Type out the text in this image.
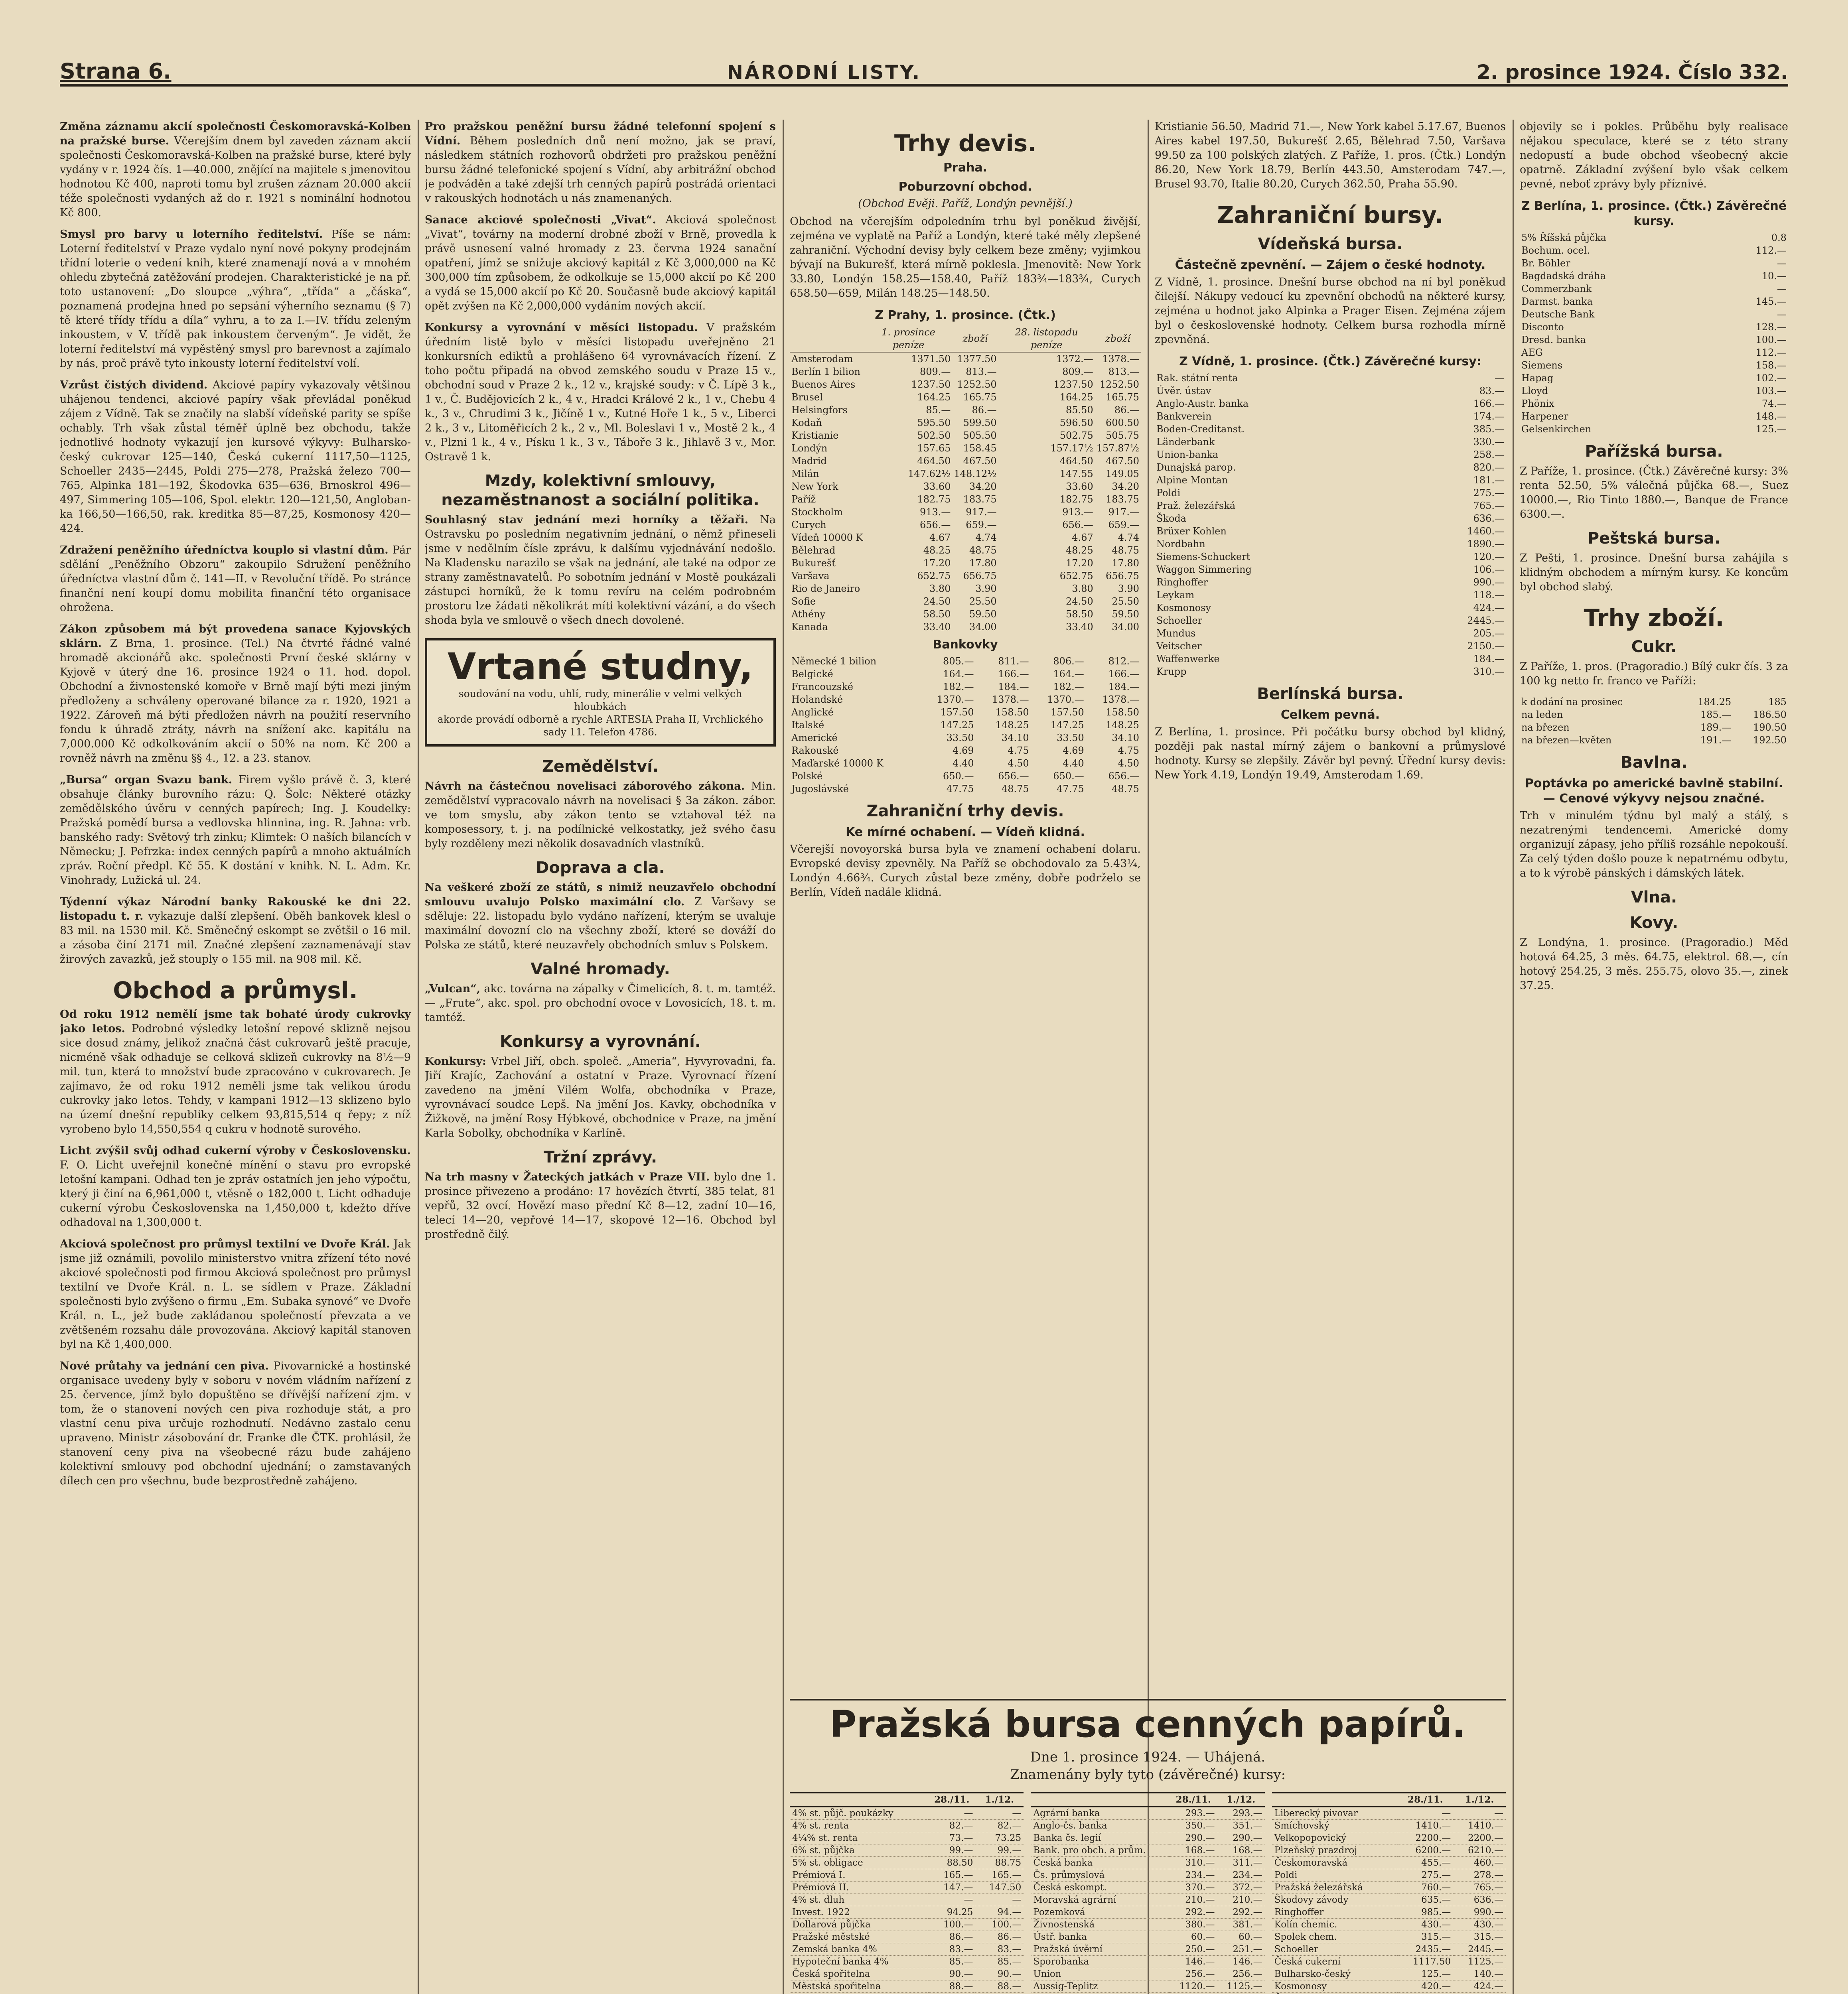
Strana 6.	NÁRODNÍ LISTY.	2. prosince 1924. Číslo 332.

Změna záznamu akcií společnosti Českomoravská-Kolben na pražské burse. Včerejším dnem byl zaveden záznam akcií společnosti Českomoravská-Kolben na pražské burse, které byly vydány v r. 1924 čís. 1—40.000, znějící na majitele s jmenovitou hodnotou Kč 400, naproti tomu byl zrušen záznam 20.000 akcií téže společnosti vydaných až do r. 1921 s nominální hodnotou Kč 800.

Smysl pro barvy u loterního ředitelství. Píše se nám: Loterní ředitelství v Praze vydalo nyní nové pokyny prodejnám třídní loterie o vedení knih, které znamenají nová a v mnohém ohledu zbytečná zatěžování prodejen. Charakteristické je na př. toto ustanovení: „Do sloupce „výhra“, „třída“ a „čáska“, poznamená prodejna hned po sepsání výherního seznamu (§ 7) tě které třídy třídu a díla“ vyhru, a to za I.—IV. třídu zeleným inkoustem, v V. třídě pak inkoustem červeným“. Je vidět, že loterní ředitelství má vypěstěný smysl pro barevnost a zajímalo by nás, proč právě tyto inkousty loterní ředitelství volí.

Vzrůst čistých dividend. Akciové papíry vykazovaly většinou uhájenou tendenci, akciové papíry však převládal poněkud zájem z Vídně. Tak se značily na slabší vídeňské parity se spíše ochably. Trh však zůstal téměř úplně bez obchodu, takže jednotlivé hodnoty vykazují jen kursové výkyvy: Bulharsko-český cukrovar 125—140, Česká cukerní 1117,50—1125, Schoeller 2435—2445, Poldi 275—278, Pražská železo 700—765, Alpinka 181—192, Škodovka 635—636, Brnoskrol 496—497, Simmering 105—106, Spol. elektr. 120—121,50, Anglobanka 166,50—166,50, rak. kreditka 85—87,25, Kosmonosy 420—424.

Zdražení peněžního úředníctva kouplo si vlastní dům. Pár sdělání „Peněžního Obzoru“ zakoupilo Sdružení peněžního úředníctva vlastní dům č. 141—II. v Revoluční třídě. Po stránce finanční není koupí domu mobilita finanční této organisace ohrožena.

Zákon způsobem má být provedena sanace Kyjovských sklárn. Z Brna, 1. prosince. (Tel.) Na čtvrté řádné valné hromadě akcionářů akc. společnosti První české sklárny v Kyjově v úterý dne 16. prosince 1924 o 11. hod. dopol. Obchodní a živnostenské komoře v Brně mají býti mezi jiným předloženy a schváleny operované bilance za r. 1920, 1921 a 1922. Zároveň má býti předložen návrh na použití reservního fondu k úhradě ztráty, návrh na snížení akc. kapitálu na 7,000.000 Kč odkolkováním akcií o 50% na nom. Kč 200 a rovněž návrh na změnu §§ 4., 12. a 23. stanov.

„Bursa“ organ Svazu bank. Firem vyšlo právě č. 3, které obsahuje články burovního rázu: Q. Šolc: Některé otázky zemědělského úvěru v cenných papírech; Ing. J. Koudelky: Pražská pomědí bursa a vedlovska hlinnina, ing. R. Jahna: vrb. banského rady: Světový trh zinku; Klimtek: O naších bilancích v Německu; J. Pefrzka: index cenných papírů a mnoho aktuálních zpráv. Roční předpl. Kč 55. K dostání v knihk. N. L. Adm. Kr. Vinohrady, Lužická ul. 24.

Týdenní výkaz Národní banky Rakouské ke dni 22. listopadu t. r. vykazuje další zlepšení. Oběh bankovek klesl o 83 mil. na 1530 mil. Kč. Směnečný eskompt se zvětšil o 16 mil. a zásoba činí 2171 mil. Značné zlepšení zaznamenávají stav žirových zavazků, jež stouply o 155 mil. na 908 mil. Kč.

Obchod a průmysl.

Od roku 1912 nemělí jsme tak bohaté úrody cukrovky jako letos. Podrobné výsledky letošní repové sklizně nejsou sice dosud známy, jelikož značná část cukrovarů ještě pracuje, nicméně však odhaduje se celková sklizeň cukrovky na 8½—9 mil. tun, která to množství bude zpracováno v cukrovarech. Je zajímavo, že od roku 1912 neměli jsme tak velikou úrodu cukrovky jako letos. Tehdy, v kampani 1912—13 sklizeno bylo na území dnešní republiky celkem 93,815,514 q řepy; z níž vyrobeno bylo 14,550,554 q cukru v hodnotě surového.

Licht zvýšil svůj odhad cukerní výroby v Československu. F. O. Licht uveřejnil konečné mínění o stavu pro evropské letošní kampani. Odhad ten je zpráv ostatních jen jeho výpočtu, který ji činí na 6,961,000 t, vtěsně o 182,000 t. Licht odhaduje cukerní výrobu Československa na 1,450,000 t, kdežto dříve odhadoval na 1,300,000 t.

Akciová společnost pro průmysl textilní ve Dvoře Král. Jak jsme již oznámili, povolilo ministerstvo vnitra zřízení této nové akciové společnosti pod firmou Akciová společnost pro průmysl textilní ve Dvoře Král. n. L. se sídlem v Praze. Základní společnosti bylo zvýšeno o firmu „Em. Subaka synové“ ve Dvoře Král. n. L., jež bude zakládanou společností převzata a ve zvětšeném rozsahu dále provozována. Akciový kapitál stanoven byl na Kč 1,400,000.

Nové průtahy va jednání cen piva. Pivovarnické a hostinské organisace uvedeny byly v soboru v novém vládním nařízení z 25. července, jímž bylo dopuštěno se dřívější nařízení zjm. v tom, že o stanovení nových cen piva rozhoduje stát, a pro vlastní cenu piva určuje rozhodnutí. Nedávno zastalo cenu upraveno. Ministr zásobování dr. Franke dle ČTK. prohlásil, že stanovení ceny piva na všeobecné rázu bude zahájeno kolektivní smlouvy pod obchodní ujednání; o zamstavaných dílech cen pro všechnu, bude bezprostředně zahájeno.

Pro pražskou peněžní bursu žádné telefonní spojení s Vídní. Během posledních dnů není možno, jak se praví, následkem státních rozhovorů obdržeti pro pražskou peněžní bursu žádné telefonické spojení s Vídní, aby arbitrážní obchod je podváděn a také zdejší trh cenných papírů postrádá orientaci v rakouských hodnotách u nás znamenaných.

Sanace akciové společnosti „Vivat“. Akciová společnost „Vivat“, továrny na moderní drobné zboží v Brně, provedla k právě usnesení valné hromady z 23. června 1924 sanační opatření, jímž se snižuje akciový kapitál z Kč 3,000,000 na Kč 300,000 tím způsobem, že odkolkuje se 15,000 akcií po Kč 200 a vydá se 15,000 akcií po Kč 20. Současně bude akciový kapitál opět zvýšen na Kč 2,000,000 vydáním nových akcií.

Konkursy a vyrovnání v měsíci listopadu. V pražském úředním listě bylo v měsíci listopadu uveřejněno 21 konkursních ediktů a prohlášeno 64 vyrovnávacích řízení. Z toho počtu připadá na obvod zemského soudu v Praze 15 v., obchodní soud v Praze 2 k., 12 v., krajské soudy: v Č. Lípě 3 k., 1 v., Č. Budějovicích 2 k., 4 v., Hradci Králové 2 k., 1 v., Chebu 4 k., 3 v., Chrudimi 3 k., Jičíně 1 v., Kutné Hoře 1 k., 5 v., Liberci 2 k., 3 v., Litoměřicích 2 k., 2 v., Ml. Boleslavi 1 v., Mostě 2 k., 4 v., Plzni 1 k., 4 v., Písku 1 k., 3 v., Táboře 3 k., Jihlavě 3 v., Mor. Ostravě 1 k.

Mzdy, kolektivní smlouvy, nezaměstnanost a sociální politika.

Souhlasný stav jednání mezi horníky a těžaři. Na Ostravsku po posledním negativním jednání, o němž přineseli jsme v nedělním čísle zprávu, k dalšímu vyjednávání nedošlo. Na Kladensku narazilo se však na jednání, ale také na odpor ze strany zaměstnavatelů. Po sobotním jednání v Mostě poukázali zástupci horníků, že k tomu revíru na celém podrobném prostoru lze žádati několikrát míti kolektivní vázání, a do všech shoda byla ve smlouvě o všech dnech dovolené.

Vrtané studny,
soudování na vodu, uhlí, rudy, minerálie v velmi velkých hloubkách
akorde provádí odborně a rychle ARTESIA Praha II, Vrchlického sady 11. Telefon 4786.
Zemědělství.

Návrh na částečnou novelisaci záborového zákona. Min. zemědělství vypracovalo návrh na novelisaci § 3a zákon. zábor. ve tom smyslu, aby zákon tento se vztahoval též na komposessory, t. j. na podílnické velkostatky, jež svého času byly rozděleny mezi několik dosavadních vlastníků.

Doprava a cla.

Na veškeré zboží ze států, s nimiž neuzavřelo obchodní smlouvu uvalujo Polsko maximální clo. Z Varšavy se sděluje: 22. listopadu bylo vydáno nařízení, kterým se uvaluje maximální dovozní clo na všechny zboží, které se dováží do Polska ze států, které neuzavřely obchodních smluv s Polskem.

Valné hromady.

„Vulcan“, akc. továrna na zápalky v Čimelicích, 8. t. m. tamtéž. — „Frute“, akc. spol. pro obchodní ovoce v Lovosicích, 18. t. m. tamtéž.

Konkursy a vyrovnání.

Konkursy: Vrbel Jiří, obch. společ. „Ameria“, Hyvyrovadni, fa. Jiří Krajíc, Zachování a ostatní v Praze. Vyrovnací řízení zavedeno na jmění Vilém Wolfa, obchodníka v Praze, vyrovnávací soudce Lepš. Na jmění Jos. Kavky, obchodníka v Žižkově, na jmění Rosy Hýbkové, obchodnice v Praze, na jmění Karla Sobolky, obchodníka v Karlíně.

Tržní zprávy.

Na trh masny v Žateckých jatkách v Praze VII. bylo dne 1. prosince přivezeno a prodáno: 17 hovězích čtvrtí, 385 telat, 81 vepřů, 32 ovcí. Hovězí maso přední Kč 8—12, zadní 10—16, telecí 14—20, vepřové 14—17, skopové 12—16. Obchod byl prostředně čilý.

Trhy devis.
Praha.
Poburzovní obchod.
(Obchod Evěji. Paříž, Londýn pevnější.)

Obchod na včerejším odpoledním trhu byl poněkud živější, zejména ve vyplatě na Paříž a Londýn, které také měly zlepšené zahraniční. Východní devisy byly celkem beze změny; vyjimkou bývají na Bukurešť, která mírně poklesla. Jmenovitě: New York 33.80, Londýn 158.25—158.40, Paříž 183¾—183¾, Curych 658.50—659, Milán 148.25—148.50.

Z Prahy, 1. prosince. (Čtk.)
	1. prosince peníze	zboží	28. listopadu peníze	zboží
Amsterodam	1371.50	1377.50	1372.—	1378.—
Berlín 1 bilion	809.—	813.—	809.—	813.—
Buenos Aires	1237.50	1252.50	1237.50	1252.50
Brusel	164.25	165.75	164.25	165.75
Helsingfors	85.—	86.—	85.50	86.—
Kodaň	595.50	599.50	596.50	600.50
Kristianie	502.50	505.50	502.75	505.75
Londýn	157.65	158.45	157.17½	157.87½
Madrid	464.50	467.50	464.50	467.50
Milán	147.62½	148.12½	147.55	149.05
New York	33.60	34.20	33.60	34.20
Paříž	182.75	183.75	182.75	183.75
Stockholm	913.—	917.—	913.—	917.—
Curych	656.—	659.—	656.—	659.—
Vídeň 10000 K	4.67	4.74	4.67	4.74
Bělehrad	48.25	48.75	48.25	48.75
Bukurešť	17.20	17.80	17.20	17.80
Varšava	652.75	656.75	652.75	656.75
Rio de Janeiro	3.80	3.90	3.80	3.90
Sofie	24.50	25.50	24.50	25.50
Athény	58.50	59.50	58.50	59.50
Kanada	33.40	34.00	33.40	34.00
Bankovky
Německé 1 bilion	805.—	811.—	806.—	812.—
Belgické	164.—	166.—	164.—	166.—
Francouzské	182.—	184.—	182.—	184.—
Holandské	1370.—	1378.—	1370.—	1378.—
Anglické	157.50	158.50	157.50	158.50
Italské	147.25	148.25	147.25	148.25
Americké	33.50	34.10	33.50	34.10
Rakouské	4.69	4.75	4.69	4.75
Maďarské 10000 K	4.40	4.50	4.40	4.50
Polské	650.—	656.—	650.—	656.—
Jugoslávské	47.75	48.75	47.75	48.75
Zahraniční trhy devis.
Ke mírné ochabení. — Vídeň klidná.

Včerejší novoyorská bursa byla ve znamení ochabení dolaru. Evropské devisy zpevněly. Na Paříž se obchodovalo za 5.43¼, Londýn 4.66¾. Curych zůstal beze změny, dobře podrželo se Berlín, Vídeň nadále klidná.

Kristianie 56.50, Madrid 71.—, New York kabel 5.17.67, Buenos Aires kabel 197.50, Bukurešť 2.65, Bělehrad 7.50, Varšava 99.50 za 100 polských zlatých. Z Paříže, 1. pros. (Čtk.) Londýn 86.20, New York 18.79, Berlín 443.50, Amsterodam 747.—, Brusel 93.70, Italie 80.20, Curych 362.50, Praha 55.90.

Zahraniční bursy.
Vídeňská bursa.
Částečně zpevnění. — Zájem o české hodnoty.

Z Vídně, 1. prosince. Dnešní burse obchod na ní byl poněkud čilejší. Nákupy vedoucí ku zpevnění obchodů na některé kursy, zejména u hodnot jako Alpinka a Prager Eisen. Zejména zájem byl o československé hodnoty. Celkem bursa rozhodla mírně zpevněná.

Z Vídně, 1. prosince. (Čtk.) Závěrečné kursy:
Rak. státní renta	—
Úvěr. ústav	83.—
Anglo-Austr. banka	166.—
Bankverein	174.—
Boden-Creditanst.	385.—
Länderbank	330.—
Union-banka	258.—
Dunajská parop.	820.—
Alpine Montan	181.—
Poldi	275.—
Praž. železářská	765.—
Škoda	636.—
Brüxer Kohlen	1460.—
Nordbahn	1890.—
Siemens-Schuckert	120.—
Waggon Simmering	106.—
Ringhoffer	990.—
Leykam	118.—
Kosmonosy	424.—
Schoeller	2445.—
Mundus	205.—
Veitscher	2150.—
Waffenwerke	184.—
Krupp	310.—
Berlínská bursa.
Celkem pevná.

Z Berlína, 1. prosince. Při počátku bursy obchod byl klidný, později pak nastal mírný zájem o bankovní a průmyslové hodnoty. Kursy se zlepšily. Závěr byl pevný. Úřední kursy devis: New York 4.19, Londýn 19.49, Amsterodam 1.69.

objevily se i pokles. Průběhu byly realisace nějakou speculace, které se z této strany nedopustí a bude obchod všeobecný akcie opatrně. Základní zvýšení bylo však celkem pevné, neboť zprávy byly příznivé.

Z Berlína, 1. prosince. (Čtk.) Závěrečné kursy.
5% Říšská půjčka	0.8
Bochum. ocel.	112.—
Br. Böhler	—
Bagdadská dráha	10.—
Commerzbank	—
Darmst. banka	145.—
Deutsche Bank	—
Disconto	128.—
Dresd. banka	100.—
AEG	112.—
Siemens	158.—
Hapag	102.—
Lloyd	103.—
Phönix	74.—
Harpener	148.—
Gelsenkirchen	125.—
Pařížská bursa.

Z Paříže, 1. prosince. (Čtk.) Závěrečné kursy: 3% renta 52.50, 5% válečná půjčka 68.—, Suez 10000.—, Rio Tinto 1880.—, Banque de France 6300.—.

Peštská bursa.

Z Pešti, 1. prosince. Dnešní bursa zahájila s klidným obchodem a mírným kursy. Ke koncům byl obchod slabý.

Trhy zboží.
Cukr.

Z Paříže, 1. pros. (Pragoradio.) Bílý cukr čís. 3 za 100 kg netto fr. franco ve Paříži:

k dodání na prosinec	184.25	185
na leden	185.—	186.50
na březen	189.—	190.50
na březen—květen	191.—	192.50
Bavlna.
Poptávka po americké bavlně stabilní. — Cenové výkyvy nejsou značné.

Trh v minulém týdnu byl malý a stálý, s nezatrenými tendencemi. Americké domy organizují zápasy, jeho příliš rozsáhle nepokouší. Za celý týden došlo pouze k nepatrnému odbytu, a to k výrobě pánských i dámských látek.

Vlna.
Kovy.

Z Londýna, 1. prosince. (Pragoradio.) Měď hotová 64.25, 3 měs. 64.75, elektrol. 68.—, cín hotový 254.25, 3 měs. 255.75, olovo 35.—, zinek 37.25.

Pražská bursa cenných papírů.
Dne 1. prosince 1924. — Uhájená.
Znamenány byly tyto (závěrečné) kursy:
	28./11.	1./12.
4% st. půjč. poukázky	—	—
4% st. renta	82.—	82.—
4¼% st. renta	73.—	73.25
6% st. půjčka	99.—	99.—
5% st. obligace	88.50	88.75
Prémiová I.	165.—	165.—
Prémiová II.	147.—	147.50
4% st. dluh	—	—
Invest. 1922	94.25	94.—
Dollarová půjčka	100.—	100.—
Pražské městské	86.—	86.—
Zemská banka 4%	83.—	83.—
Hypoteční banka 4%	85.—	85.—
Česká spořitelna	90.—	90.—
Městská spořitelna	88.—	88.—

	28./11.	1./12.
Agrární banka	293.—	293.—
Anglo-čs. banka	350.—	351.—
Banka čs. legií	290.—	290.—
Bank. pro obch. a prům.	168.—	168.—
Česká banka	310.—	311.—
Čs. průmyslová	234.—	234.—
Česká eskompt.	370.—	372.—
Moravská agrární	210.—	210.—
Pozemková	292.—	292.—
Živnostenská	380.—	381.—
Ústř. banka	60.—	60.—
Pražská úvěrní	250.—	251.—
Sporobanka	146.—	146.—
Union	256.—	256.—
Aussig-Teplitz	1120.—	1125.—

	28./11.	1./12.
Liberecký pivovar	—	—
Smíchovský	1410.—	1410.—
Velkopopovický	2200.—	2200.—
Plzeňský prazdroj	6200.—	6210.—
Českomoravská	455.—	460.—
Poldi	275.—	278.—
Pražská železářská	760.—	765.—
Škodovy závody	635.—	636.—
Ringhoffer	985.—	990.—
Kolín chemic.	430.—	430.—
Spolek chem.	315.—	315.—
Schoeller	2435.—	2445.—
Česká cukerní	1117.50	1125.—
Bulharsko-český	125.—	140.—
Kosmonosy	420.—	424.—
